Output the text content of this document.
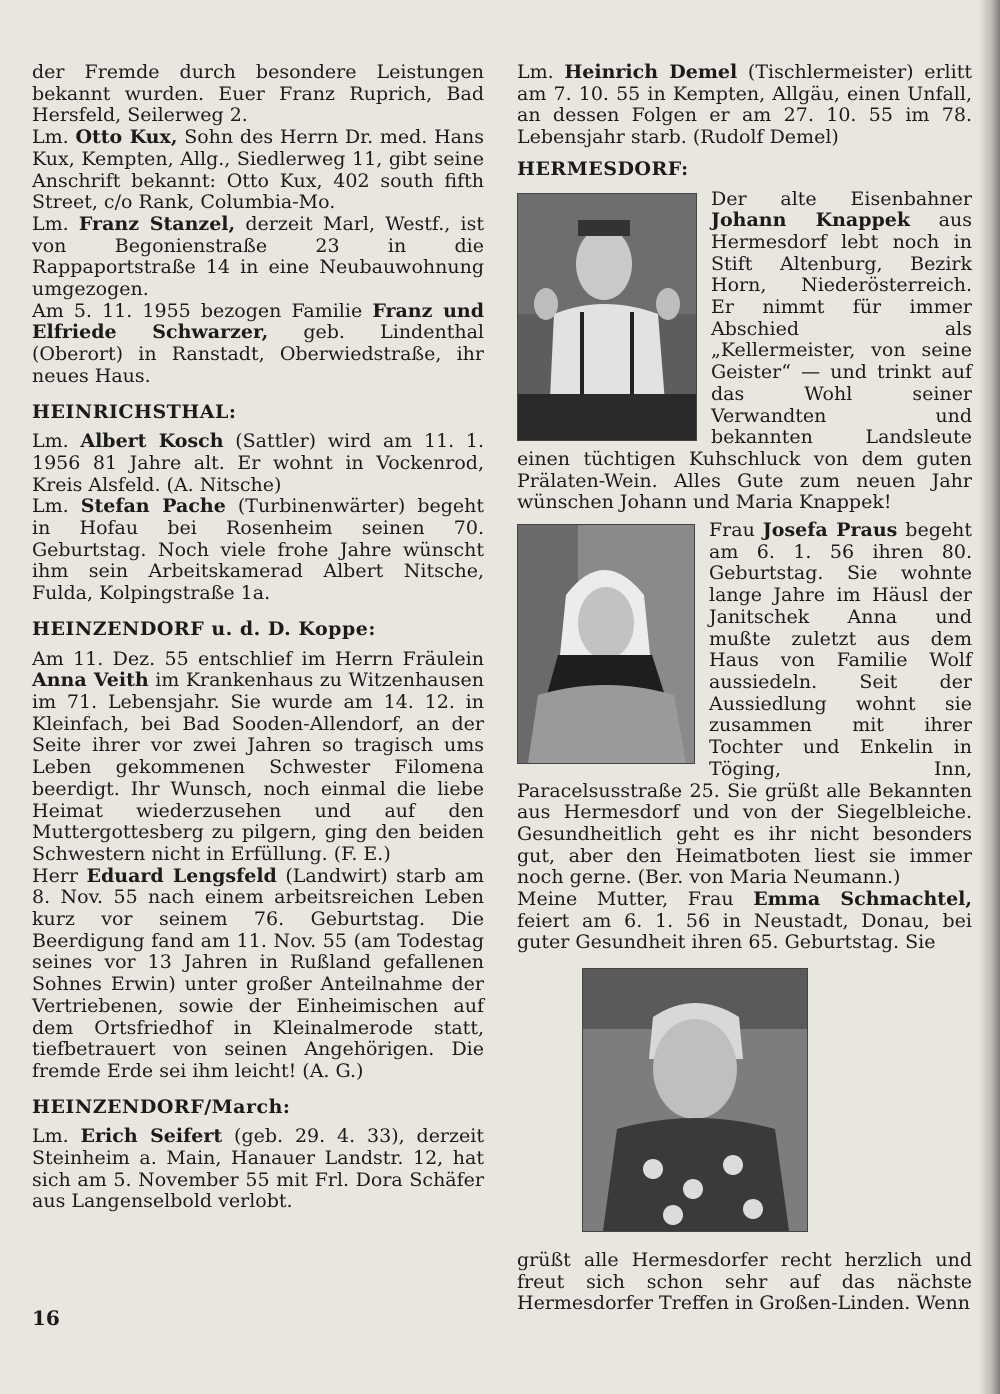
der Fremde durch besondere Leistungen bekannt wurden. Euer Franz Ruprich, Bad Hersfeld, Seilerweg 2.

Lm. Otto Kux, Sohn des Herrn Dr. med. Hans Kux, Kempten, Allg., Siedlerweg 11, gibt seine Anschrift bekannt: Otto Kux, 402 south fifth Street, c/o Rank, Columbia-Mo.

Lm. Franz Stanzel, derzeit Marl, Westf., ist von Begonienstraße 23 in die Rappaportstraße 14 in eine Neubauwohnung umgezogen.

Am 5. 11. 1955 bezogen Familie Franz und Elfriede Schwarzer, geb. Lindenthal (Oberort) in Ranstadt, Oberwiedstraße, ihr neues Haus.

HEINRICHSTHAL:

Lm. Albert Kosch (Sattler) wird am 11. 1. 1956 81 Jahre alt. Er wohnt in Vockenrod, Kreis Alsfeld. (A. Nitsche)

Lm. Stefan Pache (Turbinenwärter) begeht in Hofau bei Rosenheim seinen 70. Geburtstag. Noch viele frohe Jahre wünscht ihm sein Arbeitskamerad Albert Nitsche, Fulda, Kolpingstraße 1a.

HEINZENDORF u. d. D. Koppe:

Am 11. Dez. 55 entschlief im Herrn Fräulein Anna Veith im Krankenhaus zu Witzenhausen im 71. Lebensjahr. Sie wurde am 14. 12. in Kleinfach, bei Bad Sooden-Allendorf, an der Seite ihrer vor zwei Jahren so tragisch ums Leben gekommenen Schwester Filomena beerdigt. Ihr Wunsch, noch einmal die liebe Heimat wiederzusehen und auf den Muttergottesberg zu pilgern, ging den beiden Schwestern nicht in Erfüllung. (F. E.)

Herr Eduard Lengsfeld (Landwirt) starb am 8. Nov. 55 nach einem arbeitsreichen Leben kurz vor seinem 76. Geburtstag. Die Beerdigung fand am 11. Nov. 55 (am Todestag seines vor 13 Jahren in Rußland gefallenen Sohnes Erwin) unter großer Anteilnahme der Vertriebenen, sowie der Einheimischen auf dem Ortsfriedhof in Kleinalmerode statt, tiefbetrauert von seinen Angehörigen. Die fremde Erde sei ihm leicht! (A. G.)

HEINZENDORF/March:

Lm. Erich Seifert (geb. 29. 4. 33), derzeit Steinheim a. Main, Hanauer Landstr. 12, hat sich am 5. November 55 mit Frl. Dora Schäfer aus Langenselbold verlobt.

Lm. Heinrich Demel (Tischlermeister) erlitt am 7. 10. 55 in Kempten, Allgäu, einen Unfall, an dessen Folgen er am 27. 10. 55 im 78. Lebensjahr starb. (Rudolf Demel)

HERMESDORF:

Der alte Eisenbahner Johann Knappek aus Hermesdorf lebt noch in Stift Altenburg, Bezirk Horn, Niederösterreich. Er nimmt für immer Abschied als „Kellermeister, von seine Geister“ — und trinkt auf das Wohl seiner Verwandten und bekannten Landsleute einen tüchtigen Kuhschluck von dem guten Prälaten-Wein. Alles Gute zum neuen Jahr wünschen Johann und Maria Knappek!

Frau Josefa Praus begeht am 6. 1. 56 ihren 80. Geburtstag. Sie wohnte lange Jahre im Häusl der Janitschek Anna und mußte zuletzt aus dem Haus von Familie Wolf aussiedeln. Seit der Aussiedlung wohnt sie zusammen mit ihrer Tochter und Enkelin in Töging, Inn, Paracelsusstraße 25. Sie grüßt alle Bekannten aus Hermesdorf und von der Siegelbleiche. Gesundheitlich geht es ihr nicht besonders gut, aber den Heimatboten liest sie immer noch gerne. (Ber. von Maria Neumann.)

Meine Mutter, Frau Emma Schmachtel, feiert am 6. 1. 56 in Neustadt, Donau, bei guter Gesundheit ihren 65. Geburtstag. Sie

grüßt alle Hermesdorfer recht herzlich und freut sich schon sehr auf das nächste Hermesdorfer Treffen in Großen-Linden. Wenn

16
